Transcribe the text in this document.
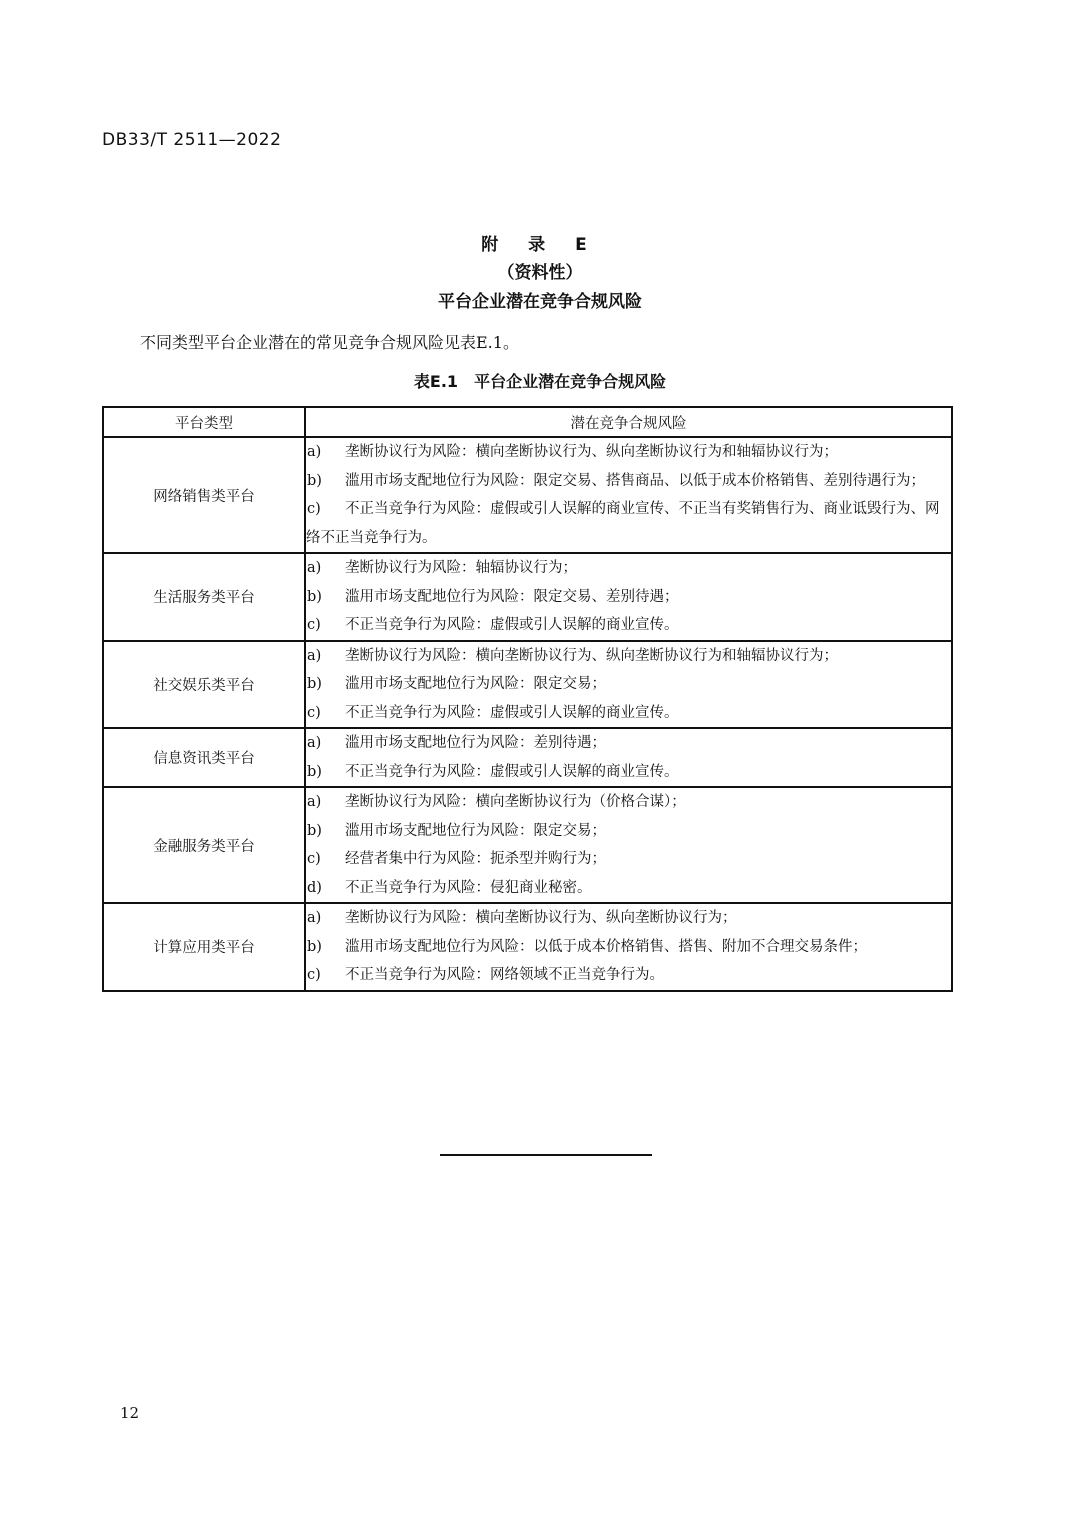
DB33/T 2511—2022
附 录 E
（资料性）
平台企业潜在竞争合规风险
不同类型平台企业潜在的常见竞争合规风险见表E.1。
表E.1　平台企业潜在竞争合规风险
平台类型	潜在竞争合规风险
网络销售类平台	a) 垄断协议行为风险：横向垄断协议行为、纵向垄断协议行为和轴辐协议行为；
b) 滥用市场支配地位行为风险：限定交易、搭售商品、以低于成本价格销售、差别待遇行为；
c) 不正当竞争行为风险：虚假或引人误解的商业宣传、不正当有奖销售行为、商业诋毁行为、网络不正当竞争行为。

生活服务类平台	a) 垄断协议行为风险：轴辐协议行为；
b) 滥用市场支配地位行为风险：限定交易、差别待遇；
c) 不正当竞争行为风险：虚假或引人误解的商业宣传。

社交娱乐类平台	a) 垄断协议行为风险：横向垄断协议行为、纵向垄断协议行为和轴辐协议行为；
b) 滥用市场支配地位行为风险：限定交易；
c) 不正当竞争行为风险：虚假或引人误解的商业宣传。

信息资讯类平台	a) 滥用市场支配地位行为风险：差别待遇；
b) 不正当竞争行为风险：虚假或引人误解的商业宣传。

金融服务类平台	a) 垄断协议行为风险：横向垄断协议行为（价格合谋）；
b) 滥用市场支配地位行为风险：限定交易；
c) 经营者集中行为风险：扼杀型并购行为；
d) 不正当竞争行为风险：侵犯商业秘密。

计算应用类平台	a) 垄断协议行为风险：横向垄断协议行为、纵向垄断协议行为；
b) 滥用市场支配地位行为风险：以低于成本价格销售、搭售、附加不合理交易条件；
c) 不正当竞争行为风险：网络领域不正当竞争行为。
12
